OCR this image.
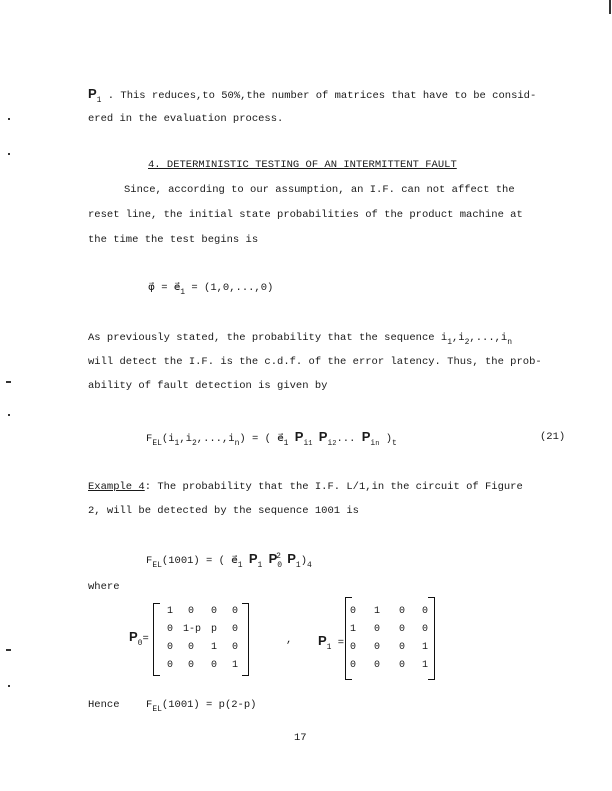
$P_1$ . This reduces,to 50%,the number of matrices that have to be consid-
ered in the evaluation process.
4. DETERMINISTIC TESTING OF AN INTERMITTENT FAULT
Since, according to our assumption, an I.F. can not affect the
reset line, the initial state probabilities of the product machine at
the time the test begins is
φ⃗ = $e⃗_1 = (1,0,...,0)$
As previously stated, the probability that the sequence $i_1,i_2,...,i_n$
will detect the I.F. is the c.d.f. of the error latency. Thus, the prob-
ability of fault detection is given by
$F_{EL}(i_1,i_2,...,i_n)$ = ( $e⃗_1$ $P_{i1}$ $P_{i2}$... $P_{in}$ )$_t$
(21)
Example 4: The probability that the I.F. L/1,in the circuit of Figure
2, will be detected by the sequence 1001 is
$F_{EL}(1001)$ = ( $e⃗_1$ $P_1$ $P_0^2$ $P_1)_4$
where
$P_0=$
1	0	0	0
0 1-p p	0
0	0	1	0
0	0	0	1
, $P_1$ =
0	1	0	0
1	0	0	0
0	0	0	1
0	0	0	1
Hence	$F_{EL}(1001) = p(2-p)$
17
